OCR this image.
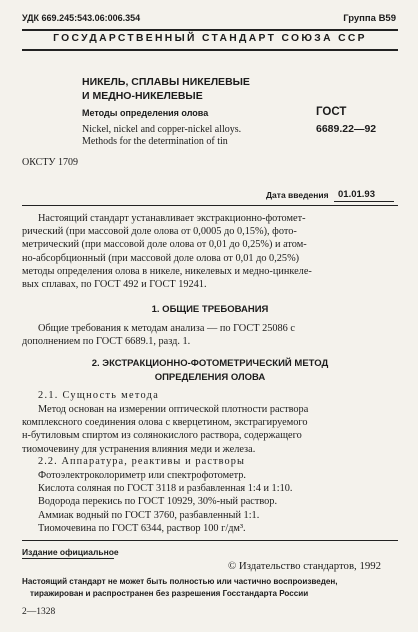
УДК 669.245:543.06:006.354	Группа В59
ГОСУДАРСТВЕННЫЙ СТАНДАРТ СОЮЗА ССР
НИКЕЛЬ, СПЛАВЫ НИКЕЛЕВЫЕ
И МЕДНО-НИКЕЛЕВЫЕ
Методы определения олова
Nickel, nickel and copper-nickel alloys.
Methods for the determination of tin
ГОСТ
6689.22—92
ОКСТУ 1709
Дата введения 01.01.93
Настоящий стандарт устанавливает экстракционно-фотомет-
рический (при массовой доле олова от 0,0005 до 0,15%), фото-
метрический (при массовой доле олова от 0,01 до 0,25%) и атом-
но-абсорбционный (при массовой доле олова от 0,01 до 0,25%)
методы определения олова в никеле, никелевых и медно-цинкеле-
вых сплавах, по ГОСТ 492 и ГОСТ 19241.
1. ОБЩИЕ ТРЕБОВАНИЯ
Общие требования к методам анализа — по ГОСТ 25086 с
дополнением по ГОСТ 6689.1, разд. 1.
2. ЭКСТРАКЦИОННО-ФОТОМЕТРИЧЕСКИЙ МЕТОД
ОПРЕДЕЛЕНИЯ ОЛОВА
2.1. Сущность метода
Метод основан на измерении оптической плотности раствора
комплексного соединения олова с кверцетином, экстрагируемого
н-бутиловым спиртом из солянокислого раствора, содержащего
тиомочевину для устранения влияния меди и железа.
2.2. Аппаратура, реактивы и растворы
Фотоэлектроколориметр или спектрофотометр.
Кислота соляная по ГОСТ 3118 и разбавленная 1:4 и 1:10.
Водорода перекись по ГОСТ 10929, 30%-ный раствор.
Аммиак водный по ГОСТ 3760, разбавленный 1:1.
Тиомочевина по ГОСТ 6344, раствор 100 г/дм³.
Издание официальное
© Издательство стандартов, 1992
Настоящий стандарт не может быть полностью или частично воспроизведен,
тиражирован и распространен без разрешения Госстандарта России
2—1328
